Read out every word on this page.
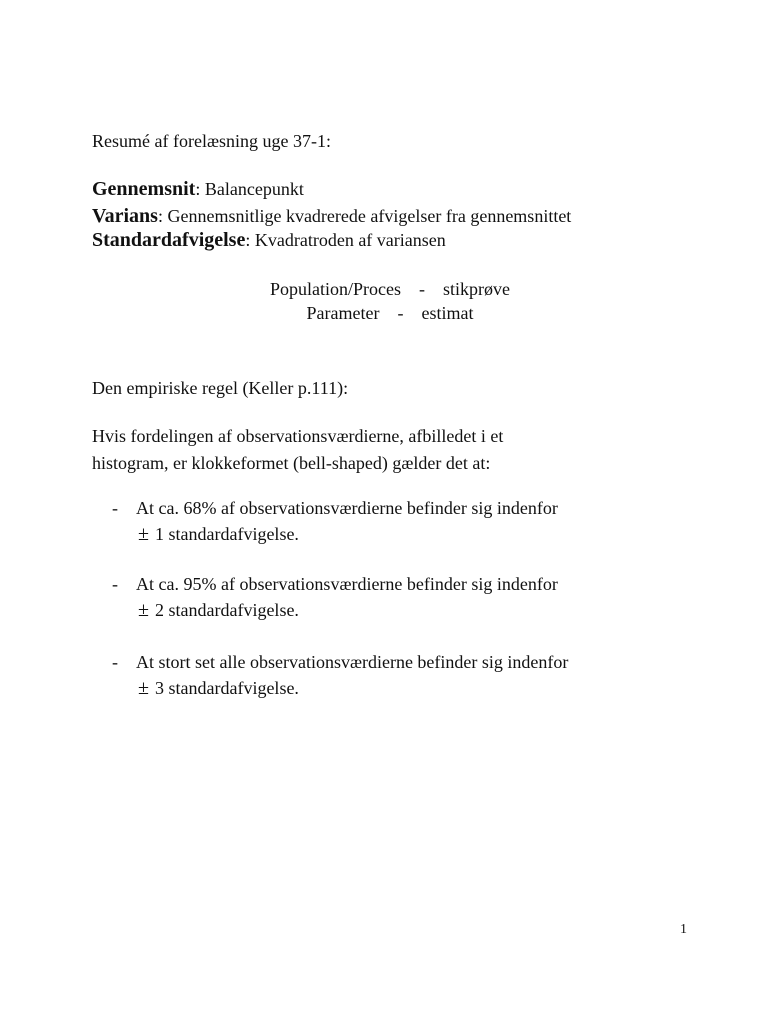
Resumé af forelæsning uge 37-1:
Gennemsnit: Balancepunkt
Varians: Gennemsnitlige kvadrerede afvigelser fra gennemsnittet
Standardafvigelse: Kvadratroden af variansen
Population/Proces    -    stikprøve
Parameter    -    estimat
Den empiriske regel (Keller p.111):
Hvis fordelingen af observationsværdierne, afbilledet i et
histogram, er klokkeformet (bell-shaped) gælder det at:
- At ca. 68% af observationsværdierne befinder sig indenfor
± 1 standardafvigelse.
- At ca. 95% af observationsværdierne befinder sig indenfor
± 2 standardafvigelse.
- At stort set alle observationsværdierne befinder sig indenfor
± 3 standardafvigelse.
1
